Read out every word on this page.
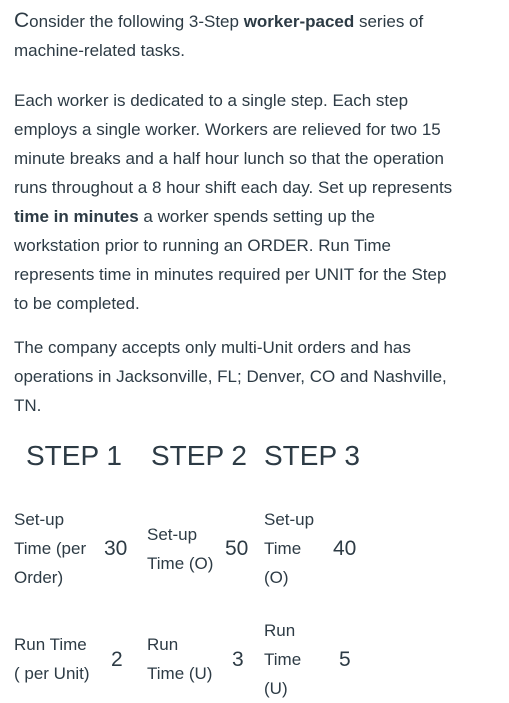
Consider the following 3-Step worker-paced series of
machine-related tasks.

Each worker is dedicated to a single step. Each step
employs a single worker. Workers are relieved for two 15
minute breaks and a half hour lunch so that the operation
runs throughout a 8 hour shift each day. Set up represents
time in minutes a worker spends setting up the
workstation prior to running an ORDER. Run Time
represents time in minutes required per UNIT for the Step
to be completed.

The company accepts only multi-Unit orders and has
operations in Jacksonville, FL; Denver, CO and Nashville,
TN.

STEP 1 STEP 2 STEP 3

Set-up
Time (per
Order)

30

Set-up
Time (O)

50

Set-up
Time
(O)

40

Run Time
( per Unit)

2

Run
Time (U)

3

Run
Time
(U)

5
